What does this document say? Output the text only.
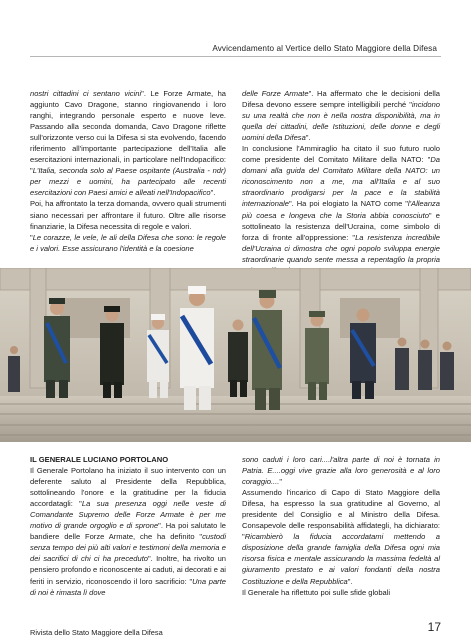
Avvicendamento al Vertice dello Stato Maggiore della Difesa

nostri cittadini ci sentano vicini". Le Forze Armate, ha aggiunto Cavo Dragone, stanno ringiovanendo i loro ranghi, integrando personale esperto e nuove leve. Passando alla seconda domanda, Cavo Dragone riflette sull'orizzonte verso cui la Difesa si sta evolvendo, facendo riferimento all'importante partecipazione dell'Italia alle esercitazioni internazionali, in particolare nell'Indopacifico: "L'Italia, seconda solo al Paese ospitante (Australia - ndr) per mezzi e uomini, ha partecipato alle recenti esercitazioni con Paesi amici e alleati nell'Indopacifico".

Poi, ha affrontato la terza domanda, ovvero quali strumenti siano necessari per affrontare il futuro. Oltre alle risorse finanziarie, la Difesa necessita di regole e valori.

"Le corazze, le vele, le ali della Difesa che sono: le regole e i valori. Esse assicurano l'identità e la coesione

delle Forze Armate". Ha affermato che le decisioni della Difesa devono essere sempre intelligibili perché "incidono su una realtà che non è nella nostra disponibilità, ma in quella dei cittadini, delle Istituzioni, delle donne e degli uomini della Difesa".

In conclusione l'Ammiraglio ha citato il suo futuro ruolo come presidente del Comitato Militare della NATO: "Da domani alla guida del Comitato Militare della NATO: un riconoscimento non a me, ma all'Italia e al suo straordinario prodigarsi per la pace e la stabilità internazionale". Ha poi elogiato la NATO come "l'Alleanza più coesa e longeva che la Storia abbia conosciuto" e sottolineato la resistenza dell'Ucraina, come simbolo di forza di fronte all'oppressione: "La resistenza incredibile dell'Ucraina ci dimostra che ogni popolo sviluppa energie straordinarie quando sente messa a repentaglio la propria

IL GENERALE LUCIANO PORTOLANO

Il Generale Portolano ha iniziato il suo intervento con un deferente saluto al Presidente della Repubblica, sottolineando l'onore e la gratitudine per la fiducia accordatagli: "La sua presenza oggi nelle veste di Comandante Supremo delle Forze Armate è per me motivo di grande orgoglio e di sprone". Ha poi salutato le bandiere delle Forze Armate, che ha definito "custodi senza tempo dei più alti valori e testimoni della memoria e dei sacrifici di chi ci ha preceduto". Inoltre, ha rivolto un pensiero profondo e riconoscente ai caduti, ai decorati e ai feriti in servizio, riconoscendo il loro sacrificio: "Una parte di noi è rimasta lì dove

sono caduti i loro cari....l'altra parte di noi è tornata in Patria. E....oggi vive grazie alla loro generosità e al loro coraggio...."

Assumendo l'incarico di Capo di Stato Maggiore della Difesa, ha espresso la sua gratitudine al Governo, al presidente del Consiglio e al Ministro della Difesa. Consapevole delle responsabilità affidategli, ha dichiarato: "Ricambierò la fiducia accordatami mettendo a disposizione della grande famiglia della Difesa ogni mia risorsa fisica e mentale assicurando la massima fedeltà al giuramento prestato e ai valori fondanti della nostra Costituzione e della Repubblica".

Il Generale ha riflettuto poi sulle sfide globali

Rivista dello Stato Maggiore della Difesa	17
